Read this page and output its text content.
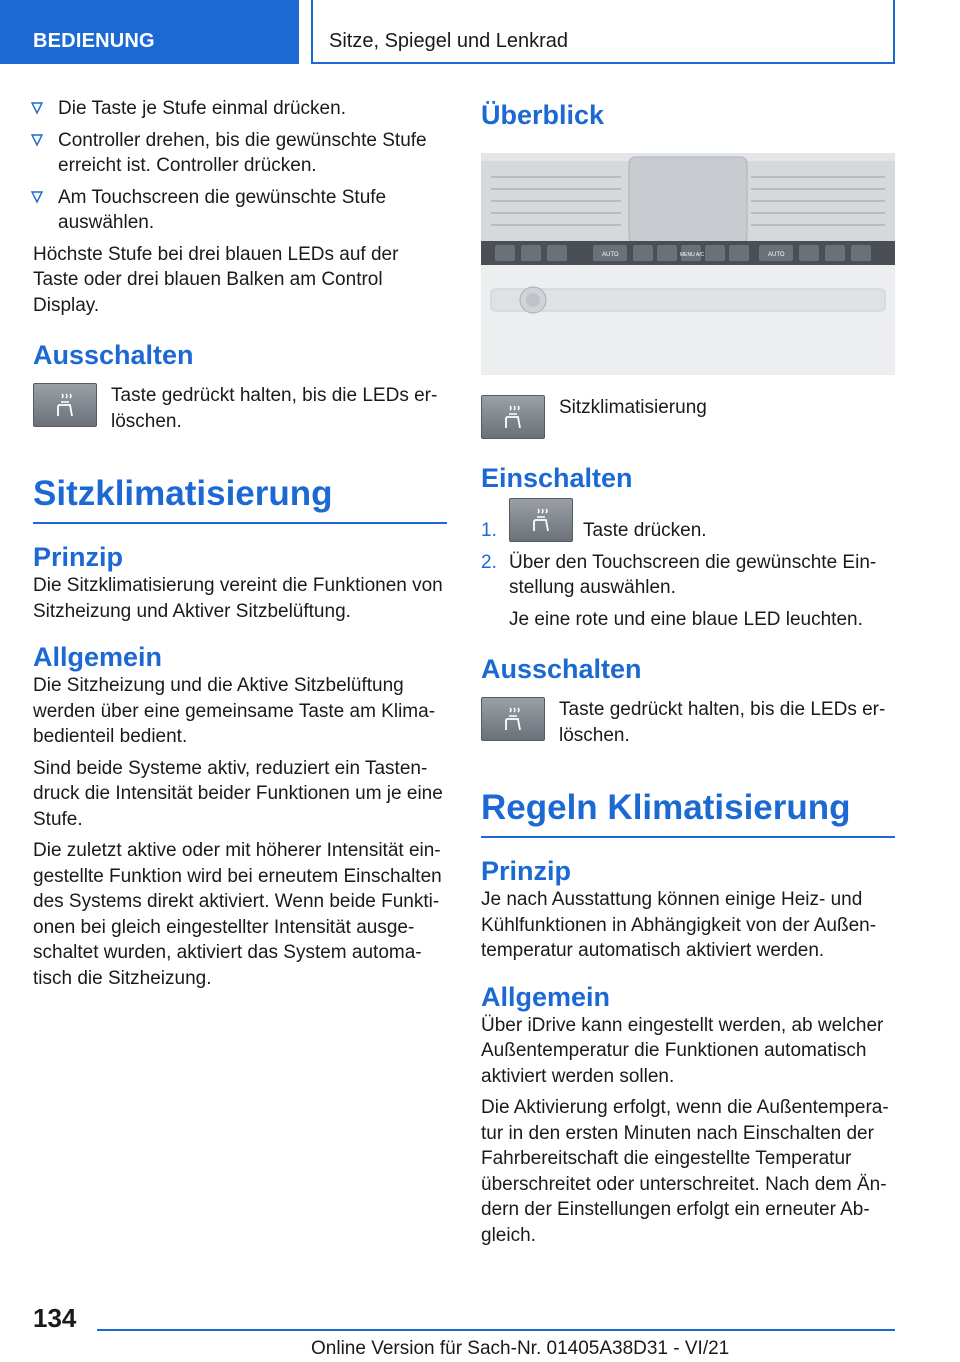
BEDIENUNG	Sitze, Spiegel und Lenkrad
Die Taste je Stufe einmal drücken.
Controller drehen, bis die gewünschte Stufe erreicht ist. Controller drücken.
Am Touchscreen die gewünschte Stufe auswählen.

Höchste Stufe bei drei blauen LEDs auf der Taste oder drei blauen Balken am Control Display.

Ausschalten

Taste gedrückt halten, bis die LEDs er-löschen.

Sitzklimatisierung
Prinzip

Die Sitzklimatisierung vereint die Funktionen von Sitzheizung und Aktiver Sitzbelüftung.

Allgemein

Die Sitzheizung und die Aktive Sitzbelüftung werden über eine gemeinsame Taste am Klima-bedienteil bedient.

Sind beide Systeme aktiv, reduziert ein Tasten-druck die Intensität beider Funktionen um je eine Stufe.

Die zuletzt aktive oder mit höherer Intensität ein-gestellte Funktion wird bei erneutem Einschalten des Systems direkt aktiviert. Wenn beide Funkti-onen bei gleich eingestellter Intensität ausge-schaltet wurden, aktiviert das System automa-tisch die Sitzheizung.

Überblick
AUTO	MENU A/C	AUTO

Sitzklimatisierung

Einschalten
1.	Taste drücken.
2. Über den Touchscreen die gewünschte Ein-stellung auswählen.

Je eine rote und eine blaue LED leuchten.

Ausschalten

Taste gedrückt halten, bis die LEDs er-löschen.

Regeln Klimatisierung
Prinzip

Je nach Ausstattung können einige Heiz- und Kühlfunktionen in Abhängigkeit von der Außen-temperatur automatisch aktiviert werden.

Allgemein

Über iDrive kann eingestellt werden, ab welcher Außentemperatur die Funktionen automatisch aktiviert werden sollen.

Die Aktivierung erfolgt, wenn die Außentempera-tur in den ersten Minuten nach Einschalten der Fahrbereitschaft die eingestellte Temperatur überschreitet oder unterschreitet. Nach dem Än-dern der Einstellungen erfolgt ein erneuter Ab-gleich.

134
Online Version für Sach-Nr. 01405A38D31 - VI/21
